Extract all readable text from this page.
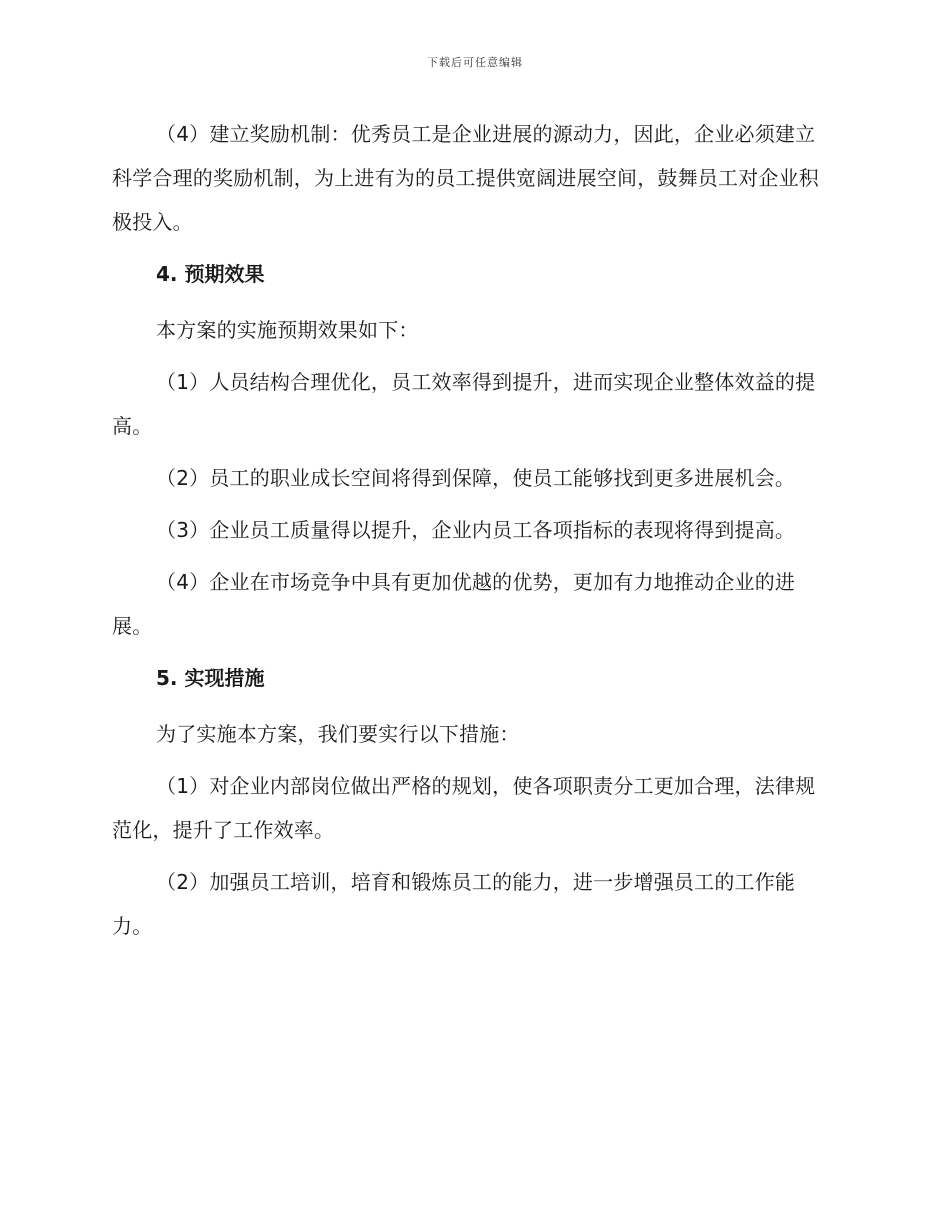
下载后可任意编辑

（4）建立奖励机制：优秀员工是企业进展的源动力，因此，企业必须建立科学合理的奖励机制，为上进有为的员工提供宽阔进展空间，鼓舞员工对企业积极投入。

4. 预期效果

本方案的实施预期效果如下：

（1）人员结构合理优化，员工效率得到提升，进而实现企业整体效益的提高。

（2）员工的职业成长空间将得到保障，使员工能够找到更多进展机会。

（3）企业员工质量得以提升，企业内员工各项指标的表现将得到提高。

（4）企业在市场竞争中具有更加优越的优势，更加有力地推动企业的进展。

5. 实现措施

为了实施本方案，我们要实行以下措施：

（1）对企业内部岗位做出严格的规划，使各项职责分工更加合理，法律规范化，提升了工作效率。

（2）加强员工培训，培育和锻炼员工的能力，进一步增强员工的工作能力。
